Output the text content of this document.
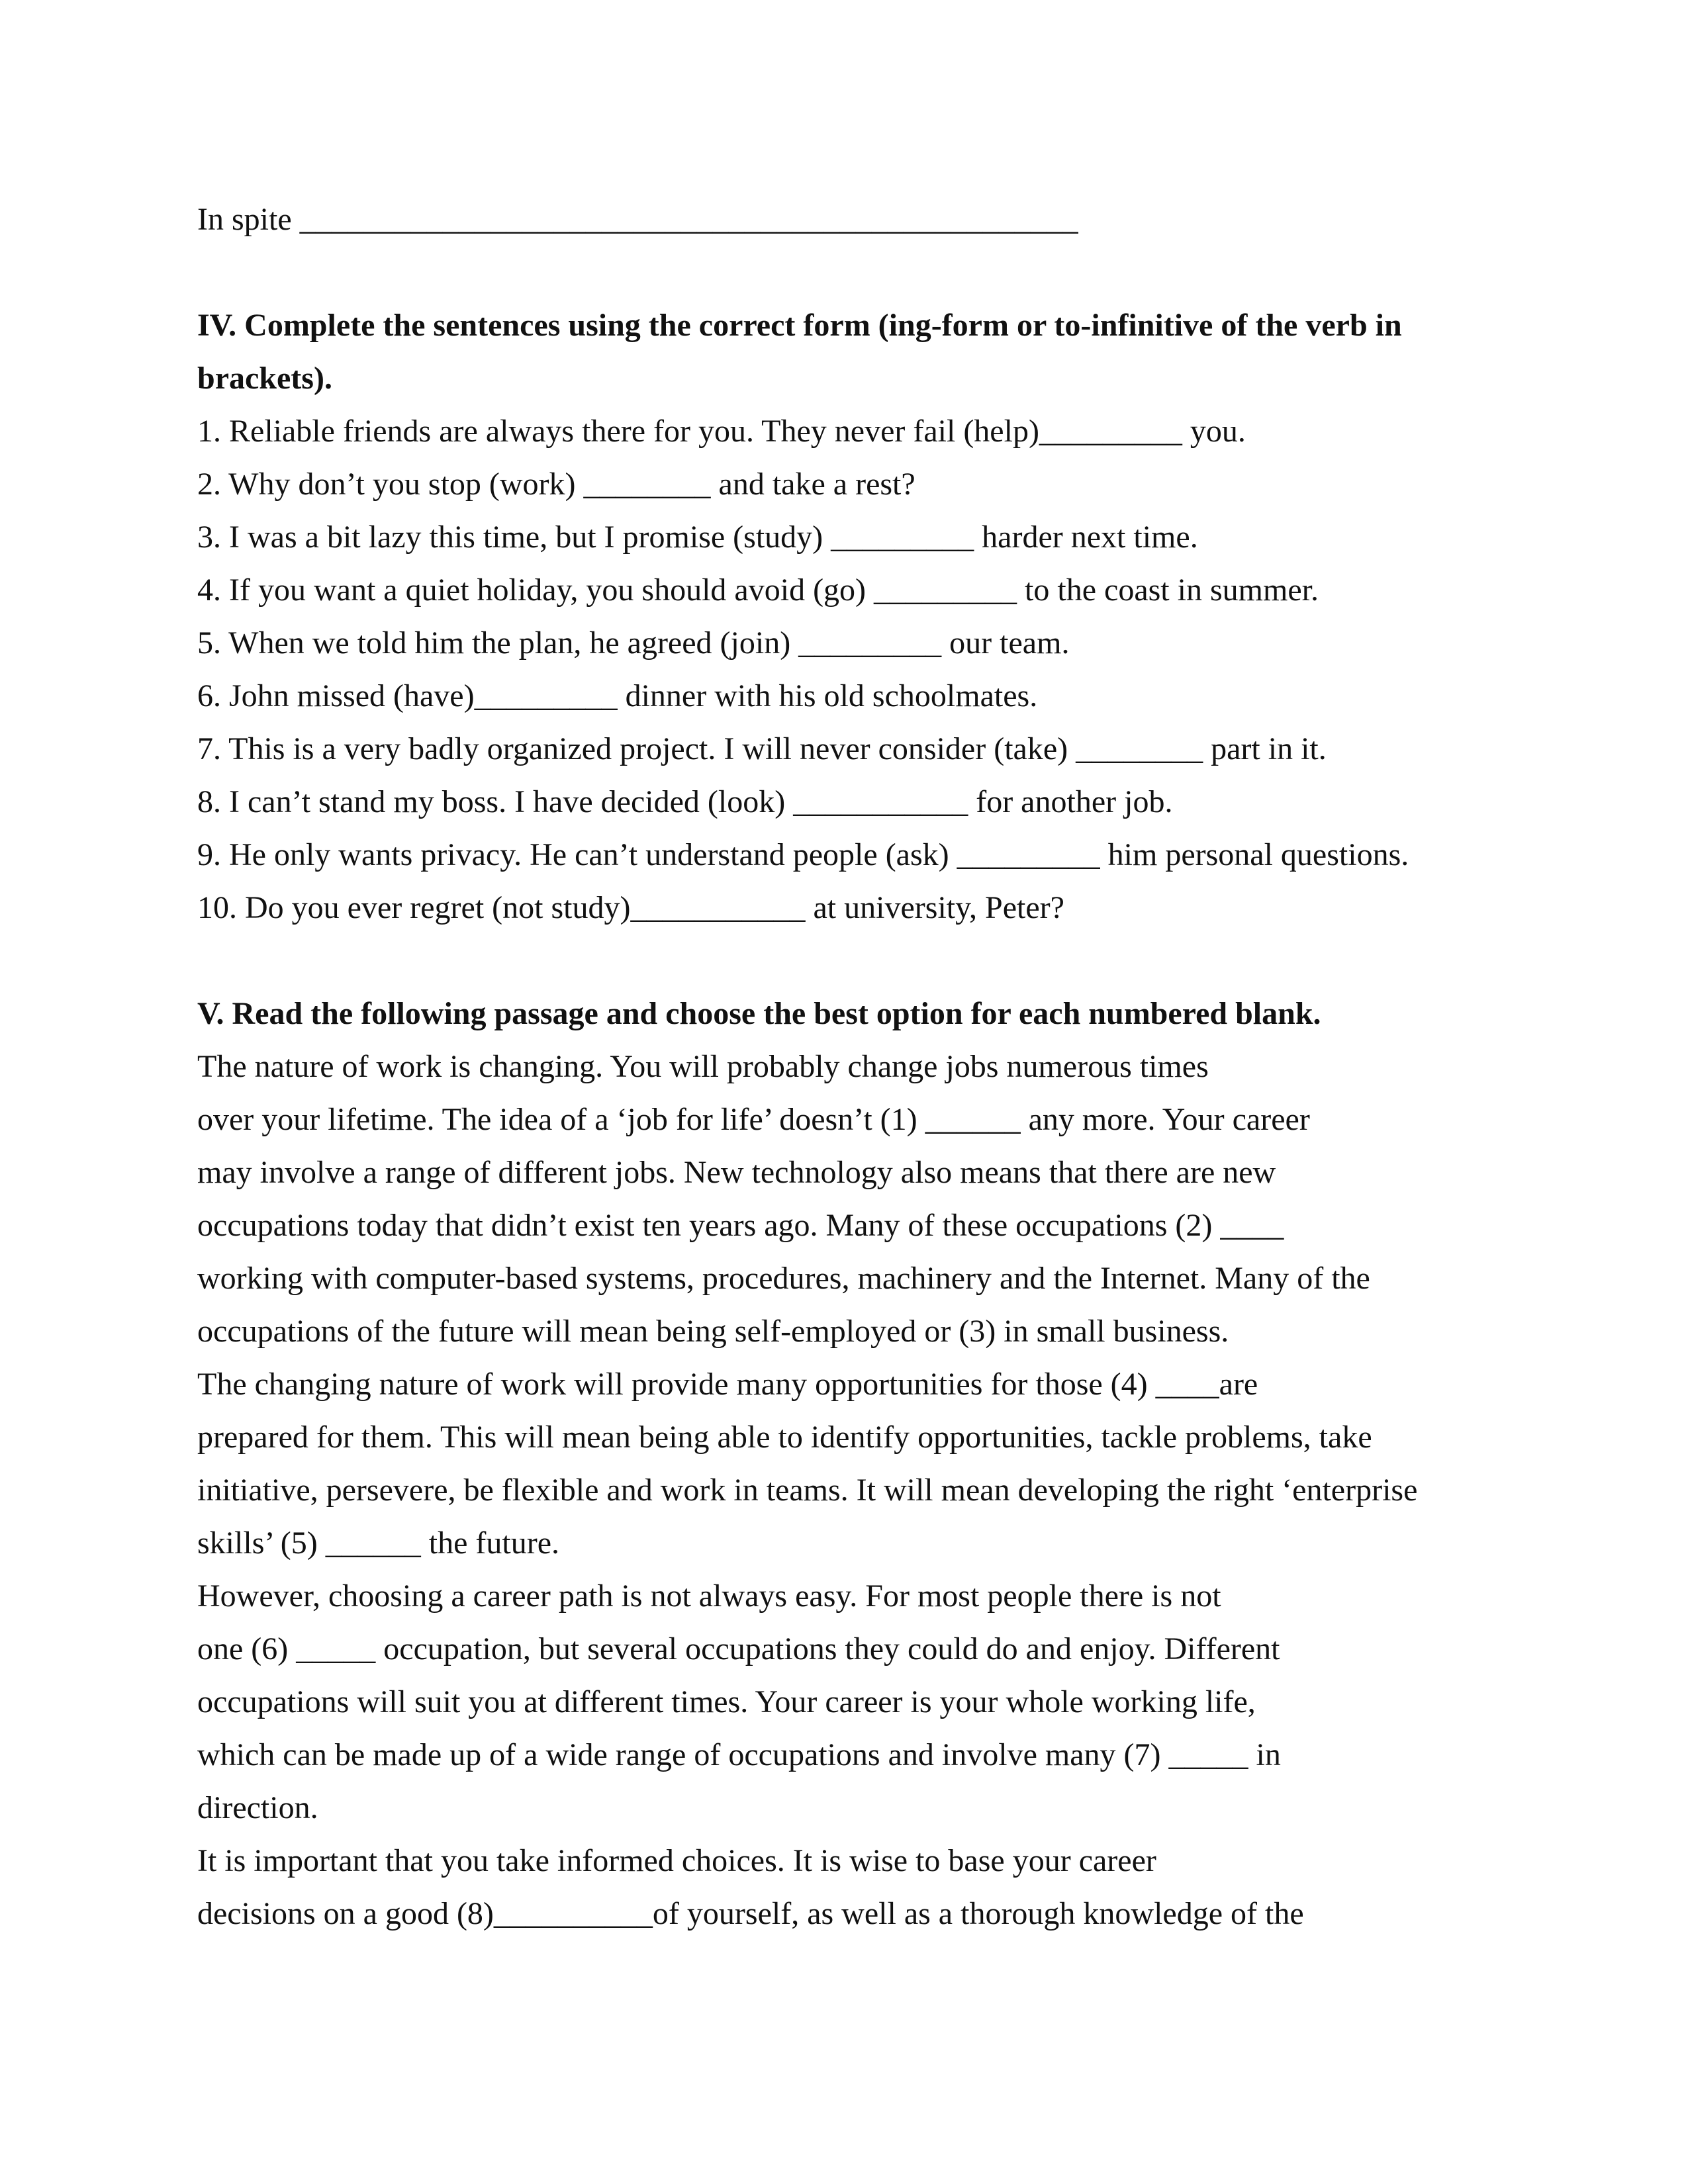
In spite _________________________________________________
IV. Complete the sentences using the correct form (ing-form or to-infinitive of the verb in
brackets).
1. Reliable friends are always there for you. They never fail (help)_________ you.
2. Why don’t you stop (work) ________ and take a rest?
3. I was a bit lazy this time, but I promise (study) _________ harder next time.
4. If you want a quiet holiday, you should avoid (go) _________ to the coast in summer.
5. When we told him the plan, he agreed (join) _________ our team.
6. John missed (have)_________ dinner with his old schoolmates.
7. This is a very badly organized project. I will never consider (take) ________ part in it.
8. I can’t stand my boss. I have decided (look) ___________ for another job.
9. He only wants privacy. He can’t understand people (ask) _________ him personal questions.
10. Do you ever regret (not study)___________ at university, Peter?
V. Read the following passage and choose the best option for each numbered blank.
The nature of work is changing. You will probably change jobs numerous times
over your lifetime. The idea of a ‘job for life’ doesn’t (1) ______ any more. Your career
may involve a range of different jobs. New technology also means that there are new
occupations today that didn’t exist ten years ago. Many of these occupations (2) ____
working with computer-based systems, procedures, machinery and the Internet. Many of the
occupations of the future will mean being self-employed or (3) in small business.
The changing nature of work will provide many opportunities for those (4) ____are
prepared for them. This will mean being able to identify opportunities, tackle problems, take
initiative, persevere, be flexible and work in teams. It will mean developing the right ‘enterprise
skills’ (5) ______ the future.
However, choosing a career path is not always easy. For most people there is not
one (6) _____ occupation, but several occupations they could do and enjoy. Different
occupations will suit you at different times. Your career is your whole working life,
which can be made up of a wide range of occupations and involve many (7) _____ in
direction.
It is important that you take informed choices. It is wise to base your career
decisions on a good (8)__________of yourself, as well as a thorough knowledge of the
